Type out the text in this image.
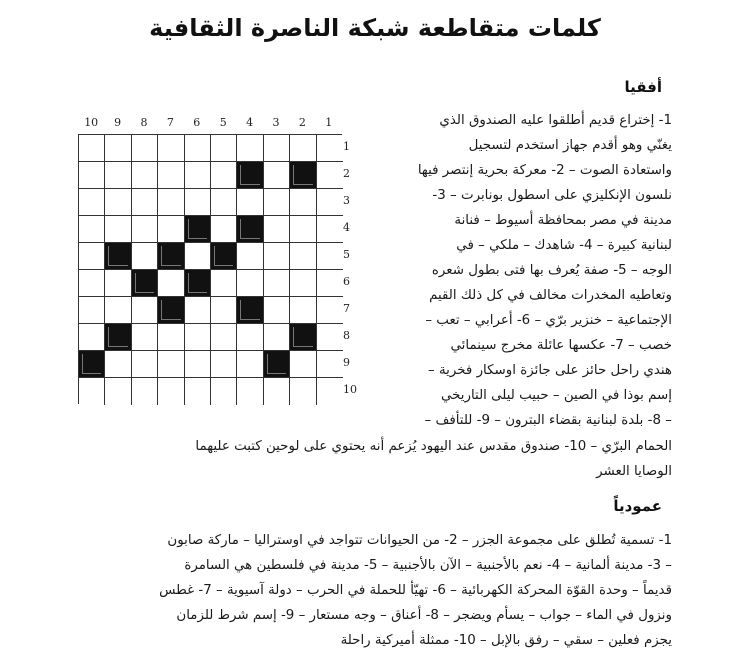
كلمات متقاطعة شبكة الناصرة الثقافية
10	9	8	7	6	5	4	3	2	1
1
2
3
4
5
6
7
8
9
10
أفقيا
1- إختراع قديم أطلقوا عليه الصندوق الذي
يغنّي وهو أقدم جهاز استخدم لتسجيل
واستعادة الصوت – 2- معركة بحرية إنتصر فيها
نلسون الإنكليزي على اسطول بونابرت – 3-
مدينة في مصر بمحافظة أسيوط – فنانة
لبنانية كبيرة – 4- شاهدك – ملكي – في
الوجه – 5- صفة يُعرف بها فتى بطول شعره
وتعاطيه المخدرات مخالف في كل ذلك القيم
الإجتماعية – خنزير برّي – 6- أعرابي – تعب –
خصب – 7- عكسها عائلة مخرج سينمائي
هندي راحل حائز على جائزة اوسكار فخرية –
إسم بوذا في الصين – حبيب ليلى التاريخي
– 8- بلدة لبنانية بقضاء البترون – 9- للتأفف –
الحمام البرّي – 10- صندوق مقدس عند اليهود يُزعم أنه يحتوي على لوحين كتبت عليهما
الوصايا العشر
عمودياً
1- تسمية تُطلق على مجموعة الجزر – 2- من الحيوانات تتواجد في اوستراليا – ماركة صابون
– 3- مدينة ألمانية – 4- نعم بالأجنبية – الآن بالأجنبية – 5- مدينة في فلسطين هي السامرة
قديماً – وحدة القوّة المحركة الكهربائية – 6- تهيّأ للحملة في الحرب – دولة آسيوية – 7- غطس
ونزول في الماء – جواب – يسأم ويضجر – 8- أعناق – وجه مستعار – 9- إسم شرط للزمان
يجزم فعلين – سقي – رفق بالإبل – 10- ممثلة أميركية راحلة
